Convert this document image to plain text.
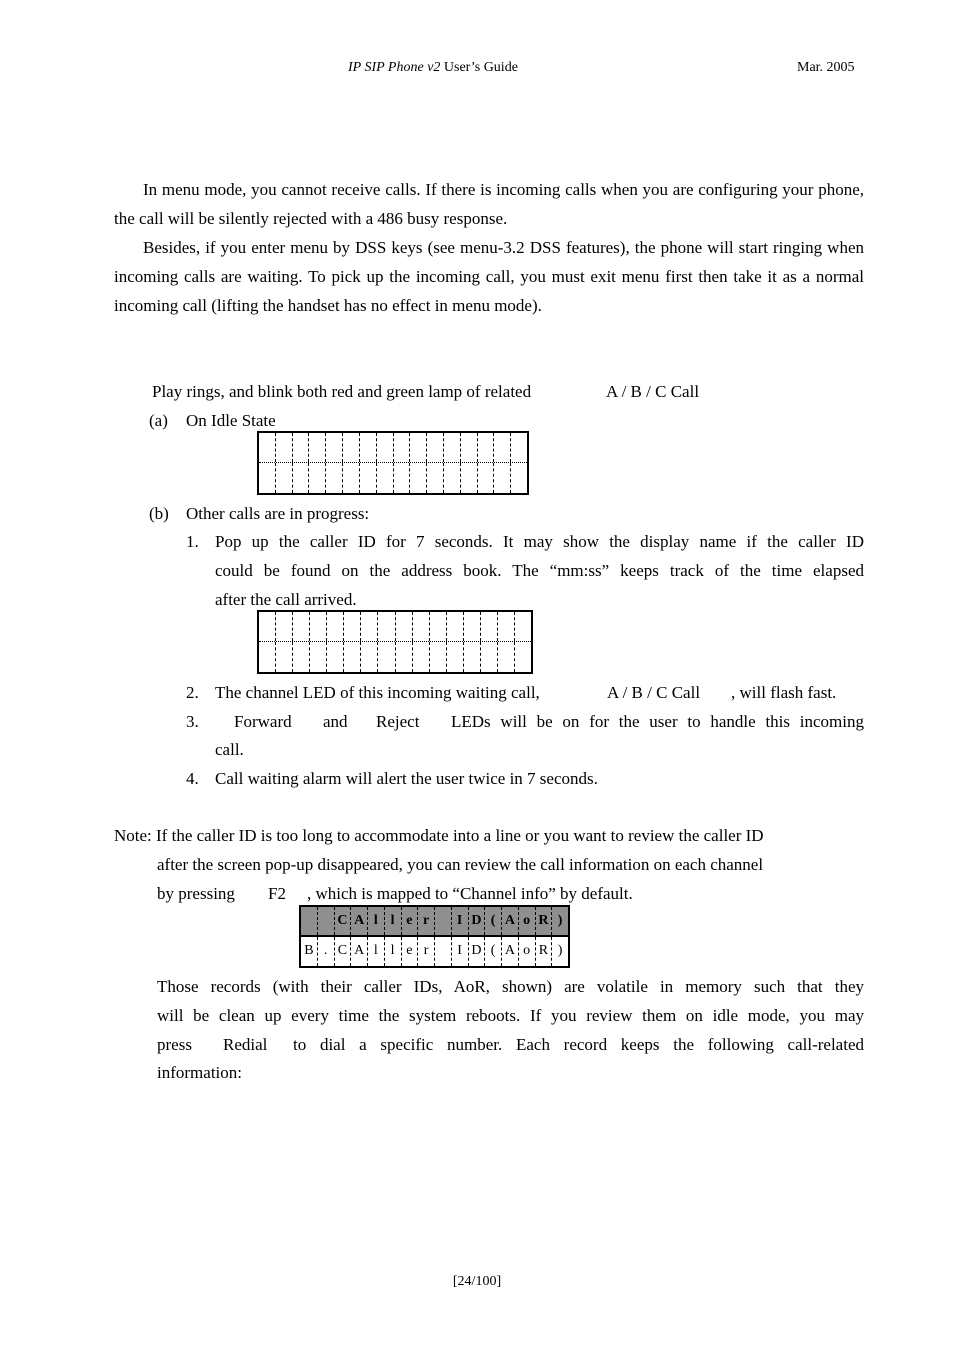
IP SIP Phone v2 User’s Guide	Mar. 2005
In menu mode, you cannot receive calls. If there is incoming calls when you are configuring your phone, the call will be silently rejected with a 486 busy response.
Besides, if you enter menu by DSS keys (see menu-3.2 DSS features), the phone will start ringing when incoming calls are waiting. To pick up the incoming call, you must exit menu first then take it as a normal incoming call (lifting the handset has no effect in menu mode).
Play rings, and blink both red and green lamp of related	A / B / C Call
(a) On Idle State
(b) Other calls are in progress:
1. Pop up the caller ID for 7 seconds. It may show the display name if the caller ID
could be found on the address book. The “mm:ss” keeps track of the time elapsed
after the call arrived.
2. The channel LED of this incoming waiting call,	A / B / C Call , will flash fast.
3. Forward and Reject LEDs will be on for the user to handle this incoming
call.
4. Call waiting alarm will alert the user twice in 7 seconds.
Note: If the caller ID is too long to accommodate into a line or you want to review the caller ID
after the screen pop-up disappeared, you can review the call information on each channel
by pressing F2 , which is mapped to “Channel info” by default.
C A l l e r	I D ( A o R )
B . C A l l e r	I D ( A o R )
Those records (with their caller IDs, AoR, shown) are volatile in memory such that they
will be clean up every time the system reboots. If you review them on idle mode, you may
press Redial to dial a specific number. Each record keeps the following call-related
information:
[24/100]
